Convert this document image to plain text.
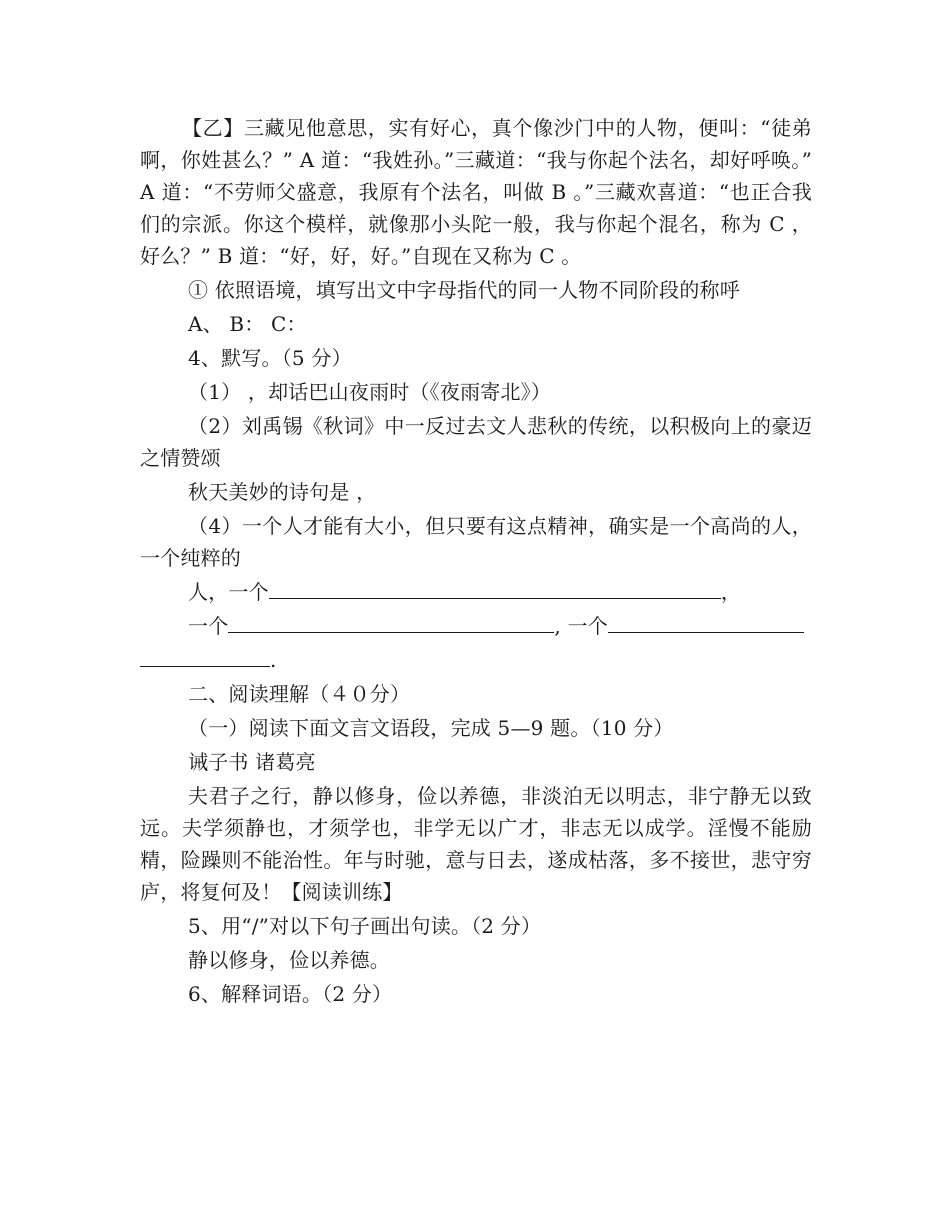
【乙】三藏见他意思，实有好心，真个像沙门中的人物，便叫：“徒弟啊，你姓甚么？” A 道：“我姓孙。”三藏道：“我与你起个法名，却好呼唤。” A 道：“不劳师父盛意，我原有个法名，叫做 B 。”三藏欢喜道：“也正合我们的宗派。你这个模样，就像那小头陀一般，我与你起个混名，称为 C ，好么？” B 道：“好，好，好。”自现在又称为 C 。

① 依照语境，填写出文中字母指代的同一人物不同阶段的称呼

A、 B： C：

4、默写。（5 分）

（1） ，却话巴山夜雨时（《夜雨寄北》）

（2）刘禹锡《秋词》中一反过去文人悲秋的传统，以积极向上的豪迈之情赞颂

秋天美妙的诗句是 ，

（4）一个人才能有大小，但只要有这点精神，确实是一个高尚的人，一个纯粹的

人，一个	，

一个	, 一个

.

二、阅读理解（４０分）

（一）阅读下面文言文语段，完成 5—9 题。（10 分）

诫子书 诸葛亮

夫君子之行，静以修身，俭以养德，非淡泊无以明志，非宁静无以致远。夫学须静也，才须学也，非学无以广才，非志无以成学。淫慢不能励精，险躁则不能治性。年与时驰，意与日去，遂成枯落，多不接世，悲守穷庐，将复何及！【阅读训练】

5、用“/”对以下句子画出句读。（2 分）

静以修身，俭以养德。

6、解释词语。（2 分）
